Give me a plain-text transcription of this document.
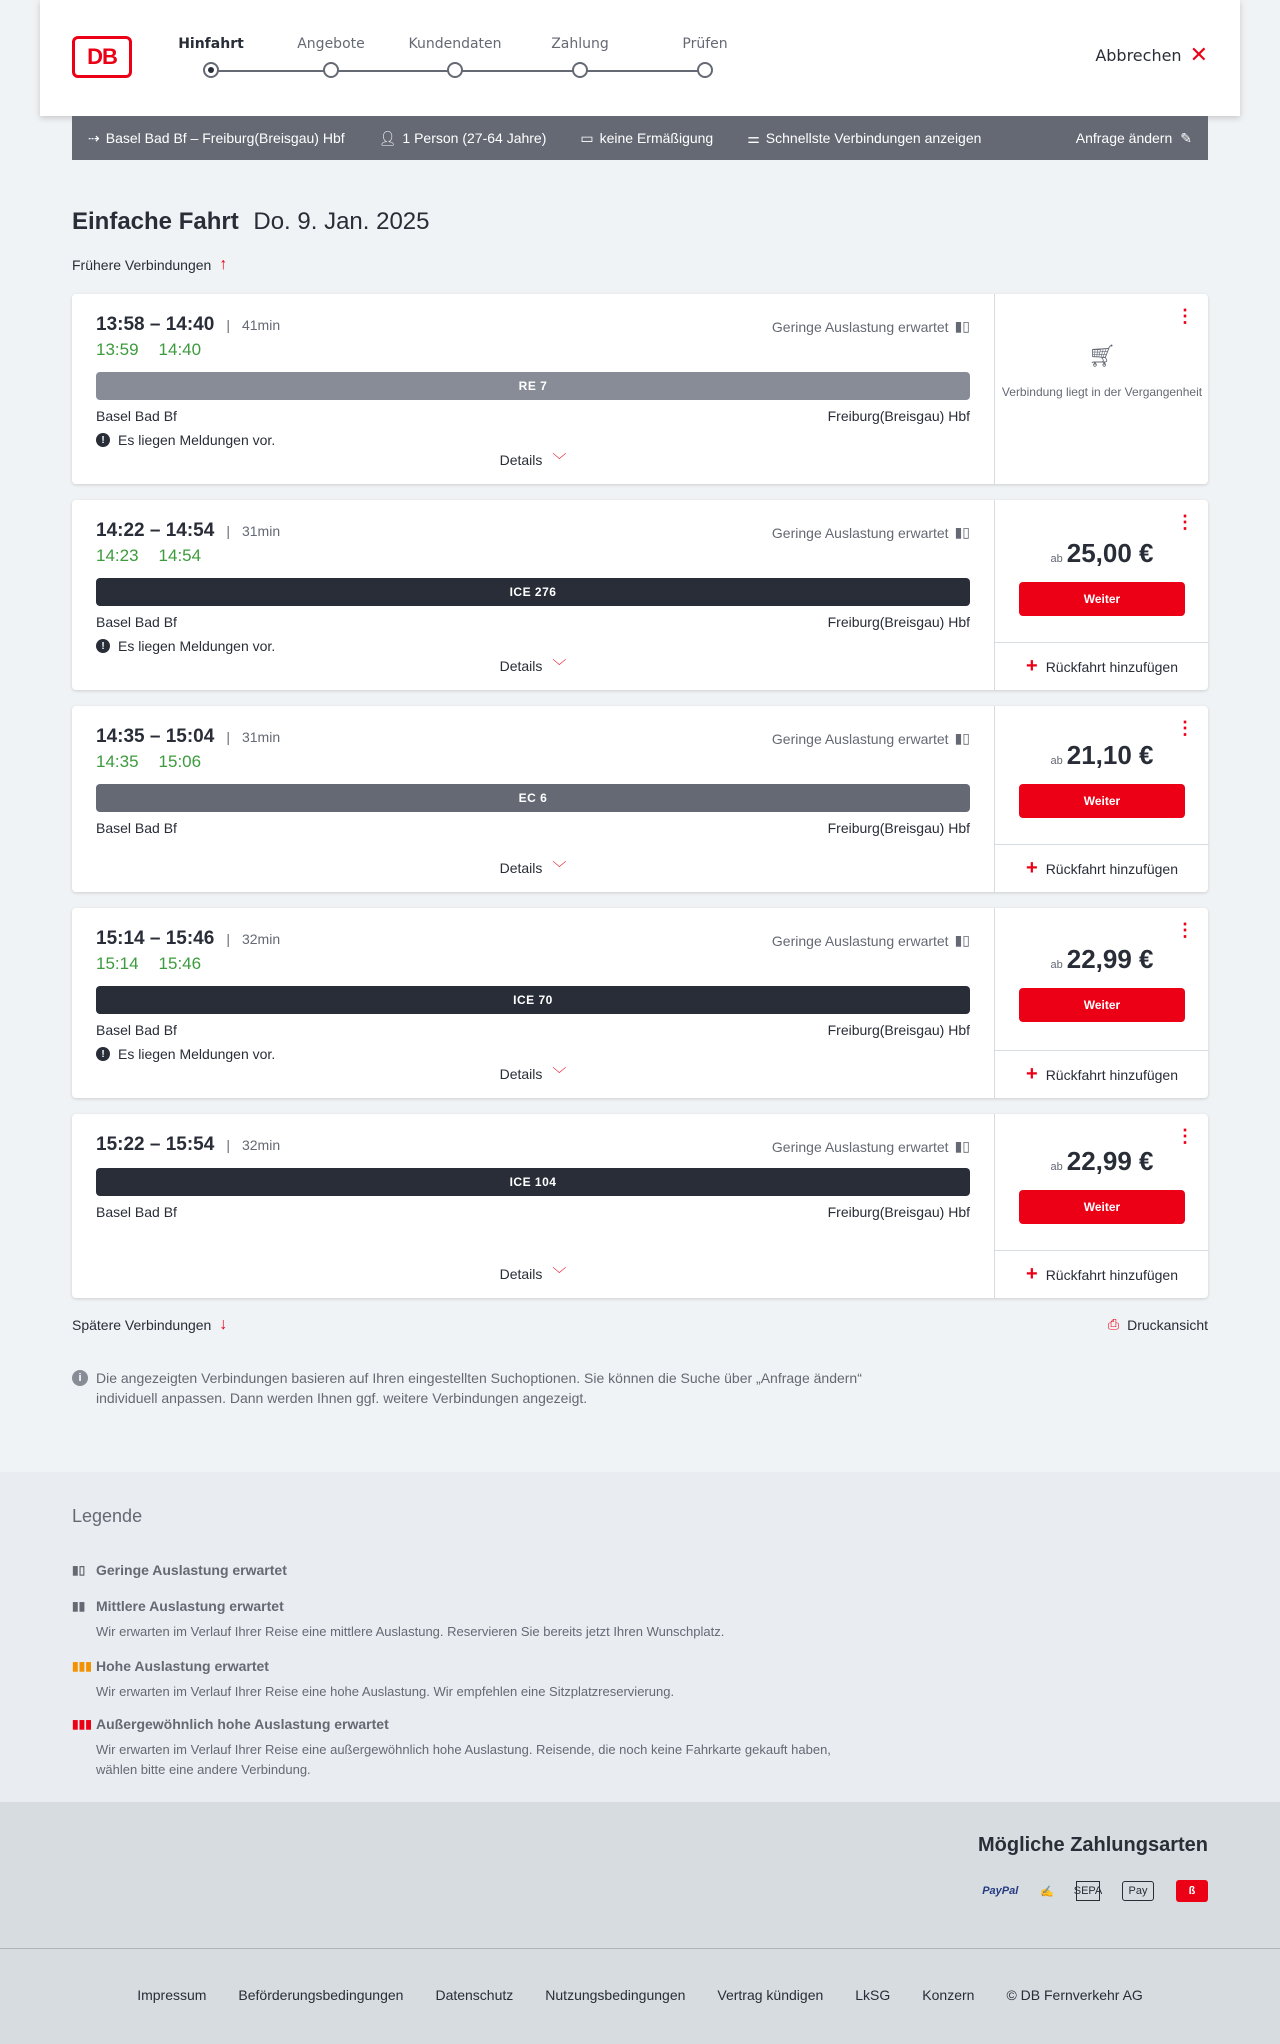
DB	Hinfahrt	Angebote	Kundendaten	Zahlung	Prüfen
Abbrechen ✕
⇢ Basel Bad Bf – Freiburg(Breisgau) Hbf 👤︎ 1 Person (27-64 Jahre) ▭ keine Ermäßigung ⚌ Schnellste Verbindungen anzeigen	Anfrage ändern ✎
Einfache Fahrt Do. 9. Jan. 2025
Frühere Verbindungen ↑
13:58 – 14:40 | 41min
13:59 14:40
Geringe Auslastung erwartet ▮▯
RE 7
Basel Bad Bf	Freiburg(Breisgau) Hbf
! Es liegen Meldungen vor.
Details ﹀
⋮
🛒︎
Verbindung liegt in der Vergangenheit
14:22 – 14:54 | 31min
14:23 14:54
Geringe Auslastung erwartet ▮▯
ICE 276
Basel Bad Bf	Freiburg(Breisgau) Hbf
! Es liegen Meldungen vor.
Details ﹀
⋮
ab 25,00 €
Weiter
+ Rückfahrt hinzufügen
14:35 – 15:04 | 31min
14:35 15:06
Geringe Auslastung erwartet ▮▯
EC 6
Basel Bad Bf	Freiburg(Breisgau) Hbf
Details ﹀
⋮
ab 21,10 €
Weiter
+ Rückfahrt hinzufügen
15:14 – 15:46 | 32min
15:14 15:46
Geringe Auslastung erwartet ▮▯
ICE 70
Basel Bad Bf	Freiburg(Breisgau) Hbf
! Es liegen Meldungen vor.
Details ﹀
⋮
ab 22,99 €
Weiter
+ Rückfahrt hinzufügen
15:22 – 15:54 | 32min	Geringe Auslastung erwartet ▮▯
ICE 104
Basel Bad Bf	Freiburg(Breisgau) Hbf
Details ﹀
⋮
ab 22,99 €
Weiter
+ Rückfahrt hinzufügen
Spätere Verbindungen ↓	⎙ Druckansicht
i	Die angezeigten Verbindungen basieren auf Ihren eingestellten Suchoptionen. Sie können die Suche über „Anfrage ändern“ individuell anpassen. Dann werden Ihnen ggf. weitere Verbindungen angezeigt.
Legende
▮▯ Geringe Auslastung erwartet
▮▮ Mittlere Auslastung erwartet
Wir erwarten im Verlauf Ihrer Reise eine mittlere Auslastung. Reservieren Sie bereits jetzt Ihren Wunschplatz.
▮▮▮ Hohe Auslastung erwartet
Wir erwarten im Verlauf Ihrer Reise eine hohe Auslastung. Wir empfehlen eine Sitzplatzreservierung.
▮▮▮ Außergewöhnlich hohe Auslastung erwartet
Wir erwarten im Verlauf Ihrer Reise eine außergewöhnlich hohe Auslastung. Reisende, die noch keine Fahrkarte gekauft haben, wählen bitte eine andere Verbindung.
Mögliche Zahlungsarten
PayPal ✍ SEPA	Pay	ß
Impressum Beförderungsbedingungen Datenschutz Nutzungsbedingungen Vertrag kündigen LkSG Konzern © DB Fernverkehr AG
